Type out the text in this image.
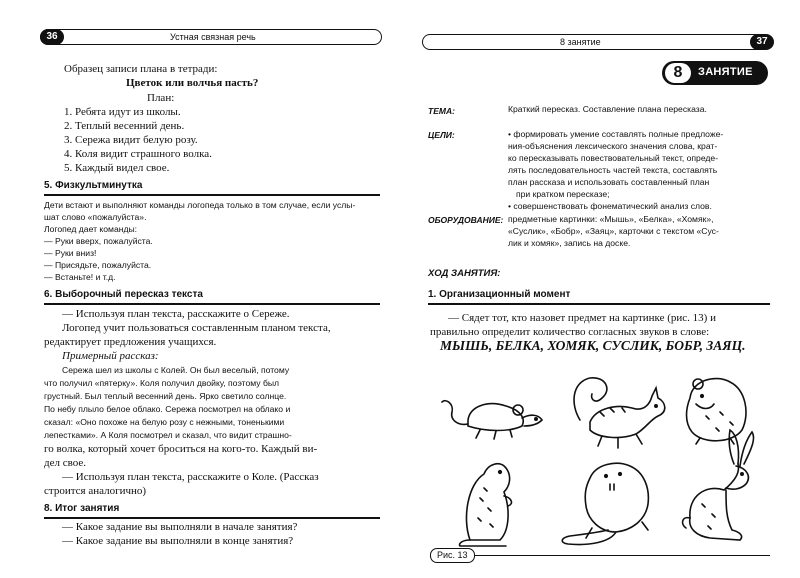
36	Устная связная речь
Образец записи плана в тетради:
Цветок или волчья пасть?
План:
1. Ребята идут из школы.
2. Теплый весенний день.
3. Сережа видит белую розу.
4. Коля видит страшного волка.
5. Каждый видел свое.
5. Физкультминутка
Дети встают и выполняют команды логопеда только в том случае, если услы-
шат слово «пожалуйста».
Логопед дает команды:
— Руки вверх, пожалуйста.
— Руки вниз!
— Присядьте, пожалуйста.
— Встаньте! и т.д.
6. Выборочный пересказ текста
— Используя план текста, расскажите о Сереже.
Логопед учит пользоваться составленным планом текста,
редактирует предложения учащихся.
Примерный рассказ:
Сережа шел из школы с Колей. Он был веселый, потому
что получил «пятерку». Коля получил двойку, поэтому был
грустный. Был теплый весенний день. Ярко светило солнце.
По небу плыло белое облако. Сережа посмотрел на облако и
сказал: «Оно похоже на белую розу с нежными, тоненькими
лепестками». А Коля посмотрел и сказал, что видит страшно-
го волка, который хочет броситься на кого-то. Каждый ви-
дел свое.
— Используя план текста, расскажите о Коле. (Рассказ
строится аналогично)
8. Итог занятия
— Какое задание вы выполняли в начале занятия?
— Какое задание вы выполняли в конце занятия?
37
8 занятие
8	ЗАНЯТИЕ
ТЕМА:	Краткий пересказ. Составление плана пересказа.
ЦЕЛИ:	• формировать умение составлять полные предложе-
ния-объяснения лексического значения слова, крат-
ко пересказывать повествовательный текст, опреде-
лять последовательность частей текста, составлять
план рассказа и использовать составленный план
при кратком пересказе;
• совершенствовать фонематический анализ слов.
ОБОРУДОВАНИЕ: предметные картинки: «Мышь», «Белка», «Хомяк»,
«Суслик», «Бобр», «Заяц», карточки с текстом «Сус-
лик и хомяк», запись на доске.
ХОД ЗАНЯТИЯ:
1. Организационный момент
— Сядет тот, кто назовет предмет на картинке (рис. 13) и
правильно определит количество согласных звуков в слове:
МЫШЬ, БЕЛКА, ХОМЯК, СУСЛИК, БОБР, ЗАЯЦ.
Рис. 13
